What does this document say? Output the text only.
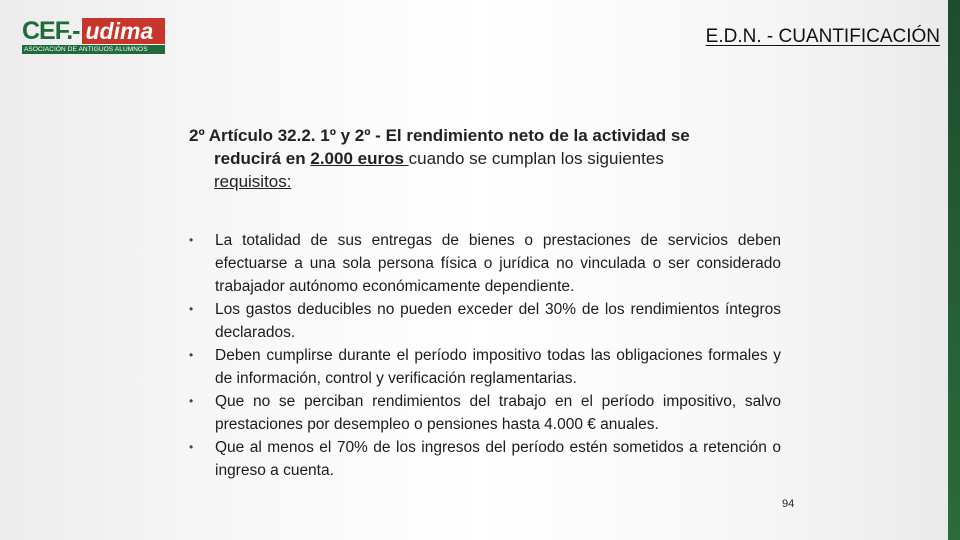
CEF.- udima
ASOCIACIÓN DE ANTIGUOS ALUMNOS
E.D.N. - CUANTIFICACIÓN
2º Artículo 32.2. 1º y 2º - El rendimiento neto de la actividad se
reducirá en 2.000 euros cuando se cumplan los siguientes
requisitos:
• La totalidad de sus entregas de bienes o prestaciones de servicios deben efectuarse a una sola persona física o jurídica no vinculada o ser considerado trabajador autónomo económicamente dependiente.
• Los gastos deducibles no pueden exceder del 30% de los rendimientos íntegros declarados.
• Deben cumplirse durante el período impositivo todas las obligaciones formales y de información, control y verificación reglamentarias.
• Que no se perciban rendimientos del trabajo en el período impositivo, salvo prestaciones por desempleo o pensiones hasta 4.000 € anuales.
• Que al menos el 70% de los ingresos del período estén sometidos a retención o ingreso a cuenta.
94
